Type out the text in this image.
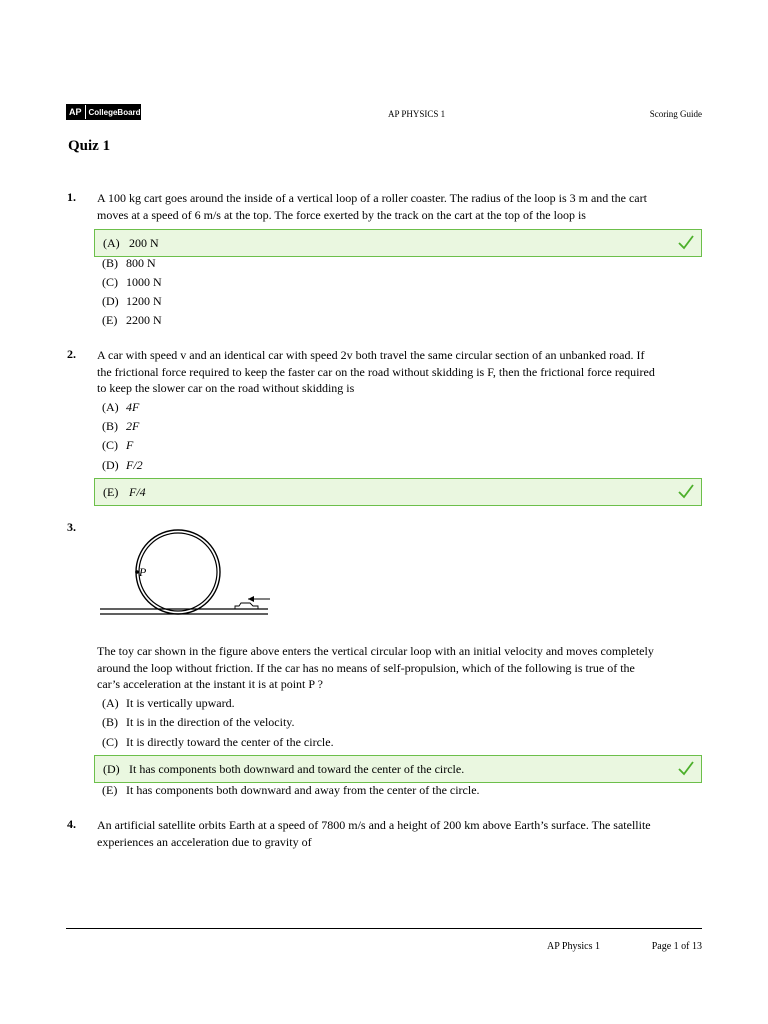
AP CollegeBoard	AP PHYSICS 1	Scoring Guide
Quiz 1
1. A 100 kg cart goes around the inside of a vertical loop of a roller coaster. The radius of the loop is 3 m and the cart
moves at a speed of 6 m/s at the top. The force exerted by the track on the cart at the top of the loop is
(A) 200 N
(B) 800 N
(C) 1000 N
(D) 1200 N
(E) 2200 N
2. A car with speed v and an identical car with speed 2v both travel the same circular section of an unbanked road. If
the frictional force required to keep the faster car on the road without skidding is F, then the frictional force required
to keep the slower car on the road without skidding is
(A) 4F
(B) 2F
(C) F
(D) F/2
(E) F/4
3.
P
The toy car shown in the figure above enters the vertical circular loop with an initial velocity and moves completely
around the loop without friction. If the car has no means of self-propulsion, which of the following is true of the
car’s acceleration at the instant it is at point P ?
(A) It is vertically upward.
(B) It is in the direction of the velocity.
(C) It is directly toward the center of the circle.
(D) It has components both downward and toward the center of the circle.
(E) It has components both downward and away from the center of the circle.
4. An artificial satellite orbits Earth at a speed of 7800 m/s and a height of 200 km above Earth’s surface. The satellite
experiences an acceleration due to gravity of
AP Physics 1	Page 1 of 13
